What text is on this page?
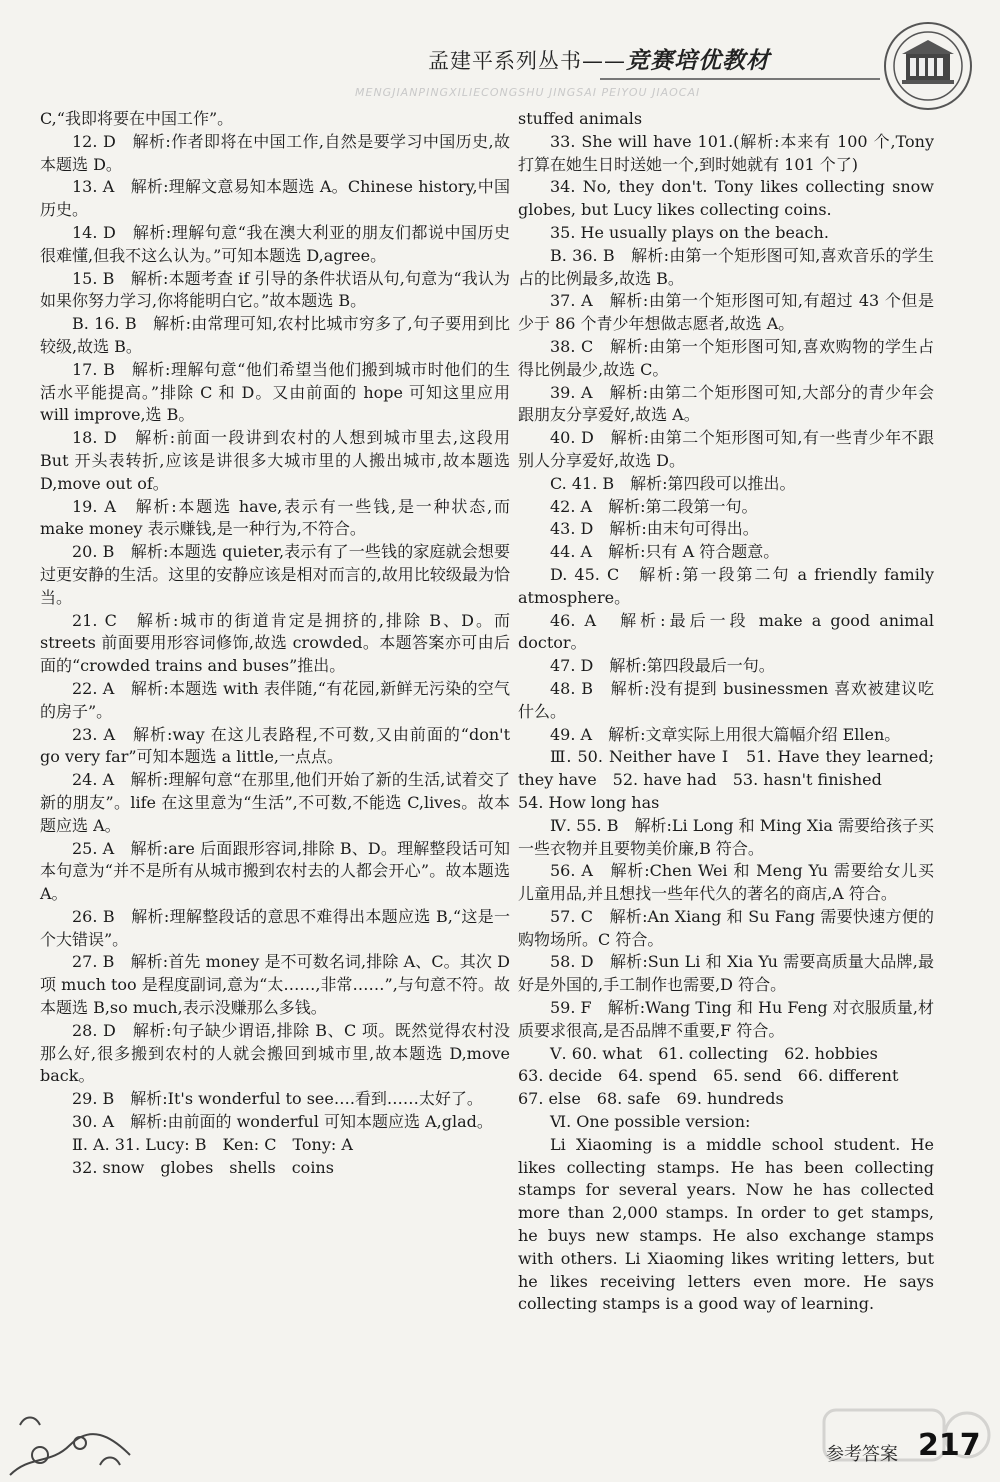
孟建平系列丛书——竞赛培优教材
MENGJIANPINGXILIECONGSHU JINGSAI PEIYOU JIAOCAI

C,“我即将要在中国工作”。

12. D　解析:作者即将在中国工作,自然是要学习中国历史,故本题选 D。

13. A　解析:理解文意易知本题选 A。Chinese history,中国历史。

14. D　解析:理解句意“我在澳大利亚的朋友们都说中国历史很难懂,但我不这么认为。”可知本题选 D,agree。

15. B　解析:本题考查 if 引导的条件状语从句,句意为“我认为如果你努力学习,你将能明白它。”故本题选 B。

B. 16. B　解析:由常理可知,农村比城市穷多了,句子要用到比较级,故选 B。

17. B　解析:理解句意“他们希望当他们搬到城市时他们的生活水平能提高。”排除 C 和 D。又由前面的 hope 可知这里应用 will improve,选 B。

18. D　解析:前面一段讲到农村的人想到城市里去,这段用 But 开头表转折,应该是讲很多大城市里的人搬出城市,故本题选 D,move out of。

19. A　解析:本题选 have,表示有一些钱,是一种状态,而 make money 表示赚钱,是一种行为,不符合。

20. B　解析:本题选 quieter,表示有了一些钱的家庭就会想要过更安静的生活。这里的安静应该是相对而言的,故用比较级最为恰当。

21. C　解析:城市的街道肯定是拥挤的,排除 B、D。而 streets 前面要用形容词修饰,故选 crowded。本题答案亦可由后面的“crowded trains and buses”推出。

22. A　解析:本题选 with 表伴随,“有花园,新鲜无污染的空气的房子”。

23. A　解析:way 在这儿表路程,不可数,又由前面的“don't go very far”可知本题选 a little,一点点。

24. A　解析:理解句意“在那里,他们开始了新的生活,试着交了新的朋友”。life 在这里意为“生活”,不可数,不能选 C,lives。故本题应选 A。

25. A　解析:are 后面跟形容词,排除 B、D。理解整段话可知本句意为“并不是所有从城市搬到农村去的人都会开心”。故本题选 A。

26. B　解析:理解整段话的意思不难得出本题应选 B,“这是一个大错误”。

27. B　解析:首先 money 是不可数名词,排除 A、C。其次 D 项 much too 是程度副词,意为“太……,非常……”,与句意不符。故本题选 B,so much,表示没赚那么多钱。

28. D　解析:句子缺少谓语,排除 B、C 项。既然觉得农村没那么好,很多搬到农村的人就会搬回到城市里,故本题选 D,move back。

29. B　解析:It's wonderful to see….看到……太好了。

30. A　解析:由前面的 wonderful 可知本题应选 A,glad。

Ⅱ. A. 31. Lucy: B　Ken: C　Tony: A

32. snow　globes　shells　coins

stuffed animals

33. She will have 101.(解析:本来有 100 个,Tony 打算在她生日时送她一个,到时她就有 101 个了)

34. No, they don't. Tony likes collecting snow globes, but Lucy likes collecting coins.

35. He usually plays on the beach.

B. 36. B　解析:由第一个矩形图可知,喜欢音乐的学生占的比例最多,故选 B。

37. A　解析:由第一个矩形图可知,有超过 43 个但是少于 86 个青少年想做志愿者,故选 A。

38. C　解析:由第一个矩形图可知,喜欢购物的学生占得比例最少,故选 C。

39. A　解析:由第二个矩形图可知,大部分的青少年会跟朋友分享爱好,故选 A。

40. D　解析:由第二个矩形图可知,有一些青少年不跟别人分享爱好,故选 D。

C. 41. B　解析:第四段可以推出。

42. A　解析:第二段第一句。

43. D　解析:由末句可得出。

44. A　解析:只有 A 符合题意。

D. 45. C　解析:第一段第二句 a friendly family atmosphere。

46. A　解析:最后一段 make a good animal doctor。

47. D　解析:第四段最后一句。

48. B　解析:没有提到 businessmen 喜欢被建议吃什么。

49. A　解析:文章实际上用很大篇幅介绍 Ellen。

Ⅲ. 50. Neither have I　51. Have they learned; they have　52. have had　53. hasn't finished

54. How long has

Ⅳ. 55. B　解析:Li Long 和 Ming Xia 需要给孩子买一些衣物并且要物美价廉,B 符合。

56. A　解析:Chen Wei 和 Meng Yu 需要给女儿买儿童用品,并且想找一些年代久的著名的商店,A 符合。

57. C　解析:An Xiang 和 Su Fang 需要快速方便的购物场所。C 符合。

58. D　解析:Sun Li 和 Xia Yu 需要高质量大品牌,最好是外国的,手工制作也需要,D 符合。

59. F　解析:Wang Ting 和 Hu Feng 对衣服质量,材质要求很高,是否品牌不重要,F 符合。

Ⅴ. 60. what　61. collecting　62. hobbies

63. decide　64. spend　65. send　66. different

67. else　68. safe　69. hundreds

Ⅵ. One possible version:

Li Xiaoming is a middle school student. He likes collecting stamps. He has been collecting stamps for several years. Now he has collected more than 2,000 stamps. In order to get stamps, he buys new stamps. He also exchange stamps with others. Li Xiaoming likes writing letters, but he likes receiving letters even more. He says collecting stamps is a good way of learning.

参考答案 217
